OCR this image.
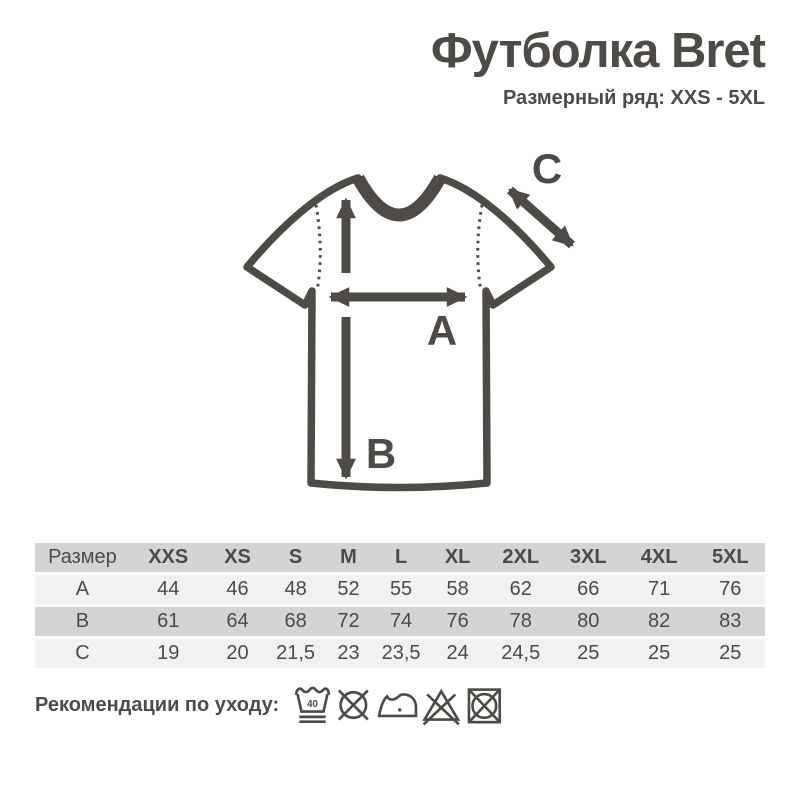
Футболка Bret
Размерный ряд: XXS - 5XL
A
B
C
Размер	XXS	XS	S	M	L	XL	2XL	3XL	4XL	5XL
A	44	46	48	52	55	58	62	66	71	76
B	61	64	68	72	74	76	78	80	82	83
C	19	20	21,5	23	23,5	24	24,5	25	25	25
Рекомендации по уходу:	40
